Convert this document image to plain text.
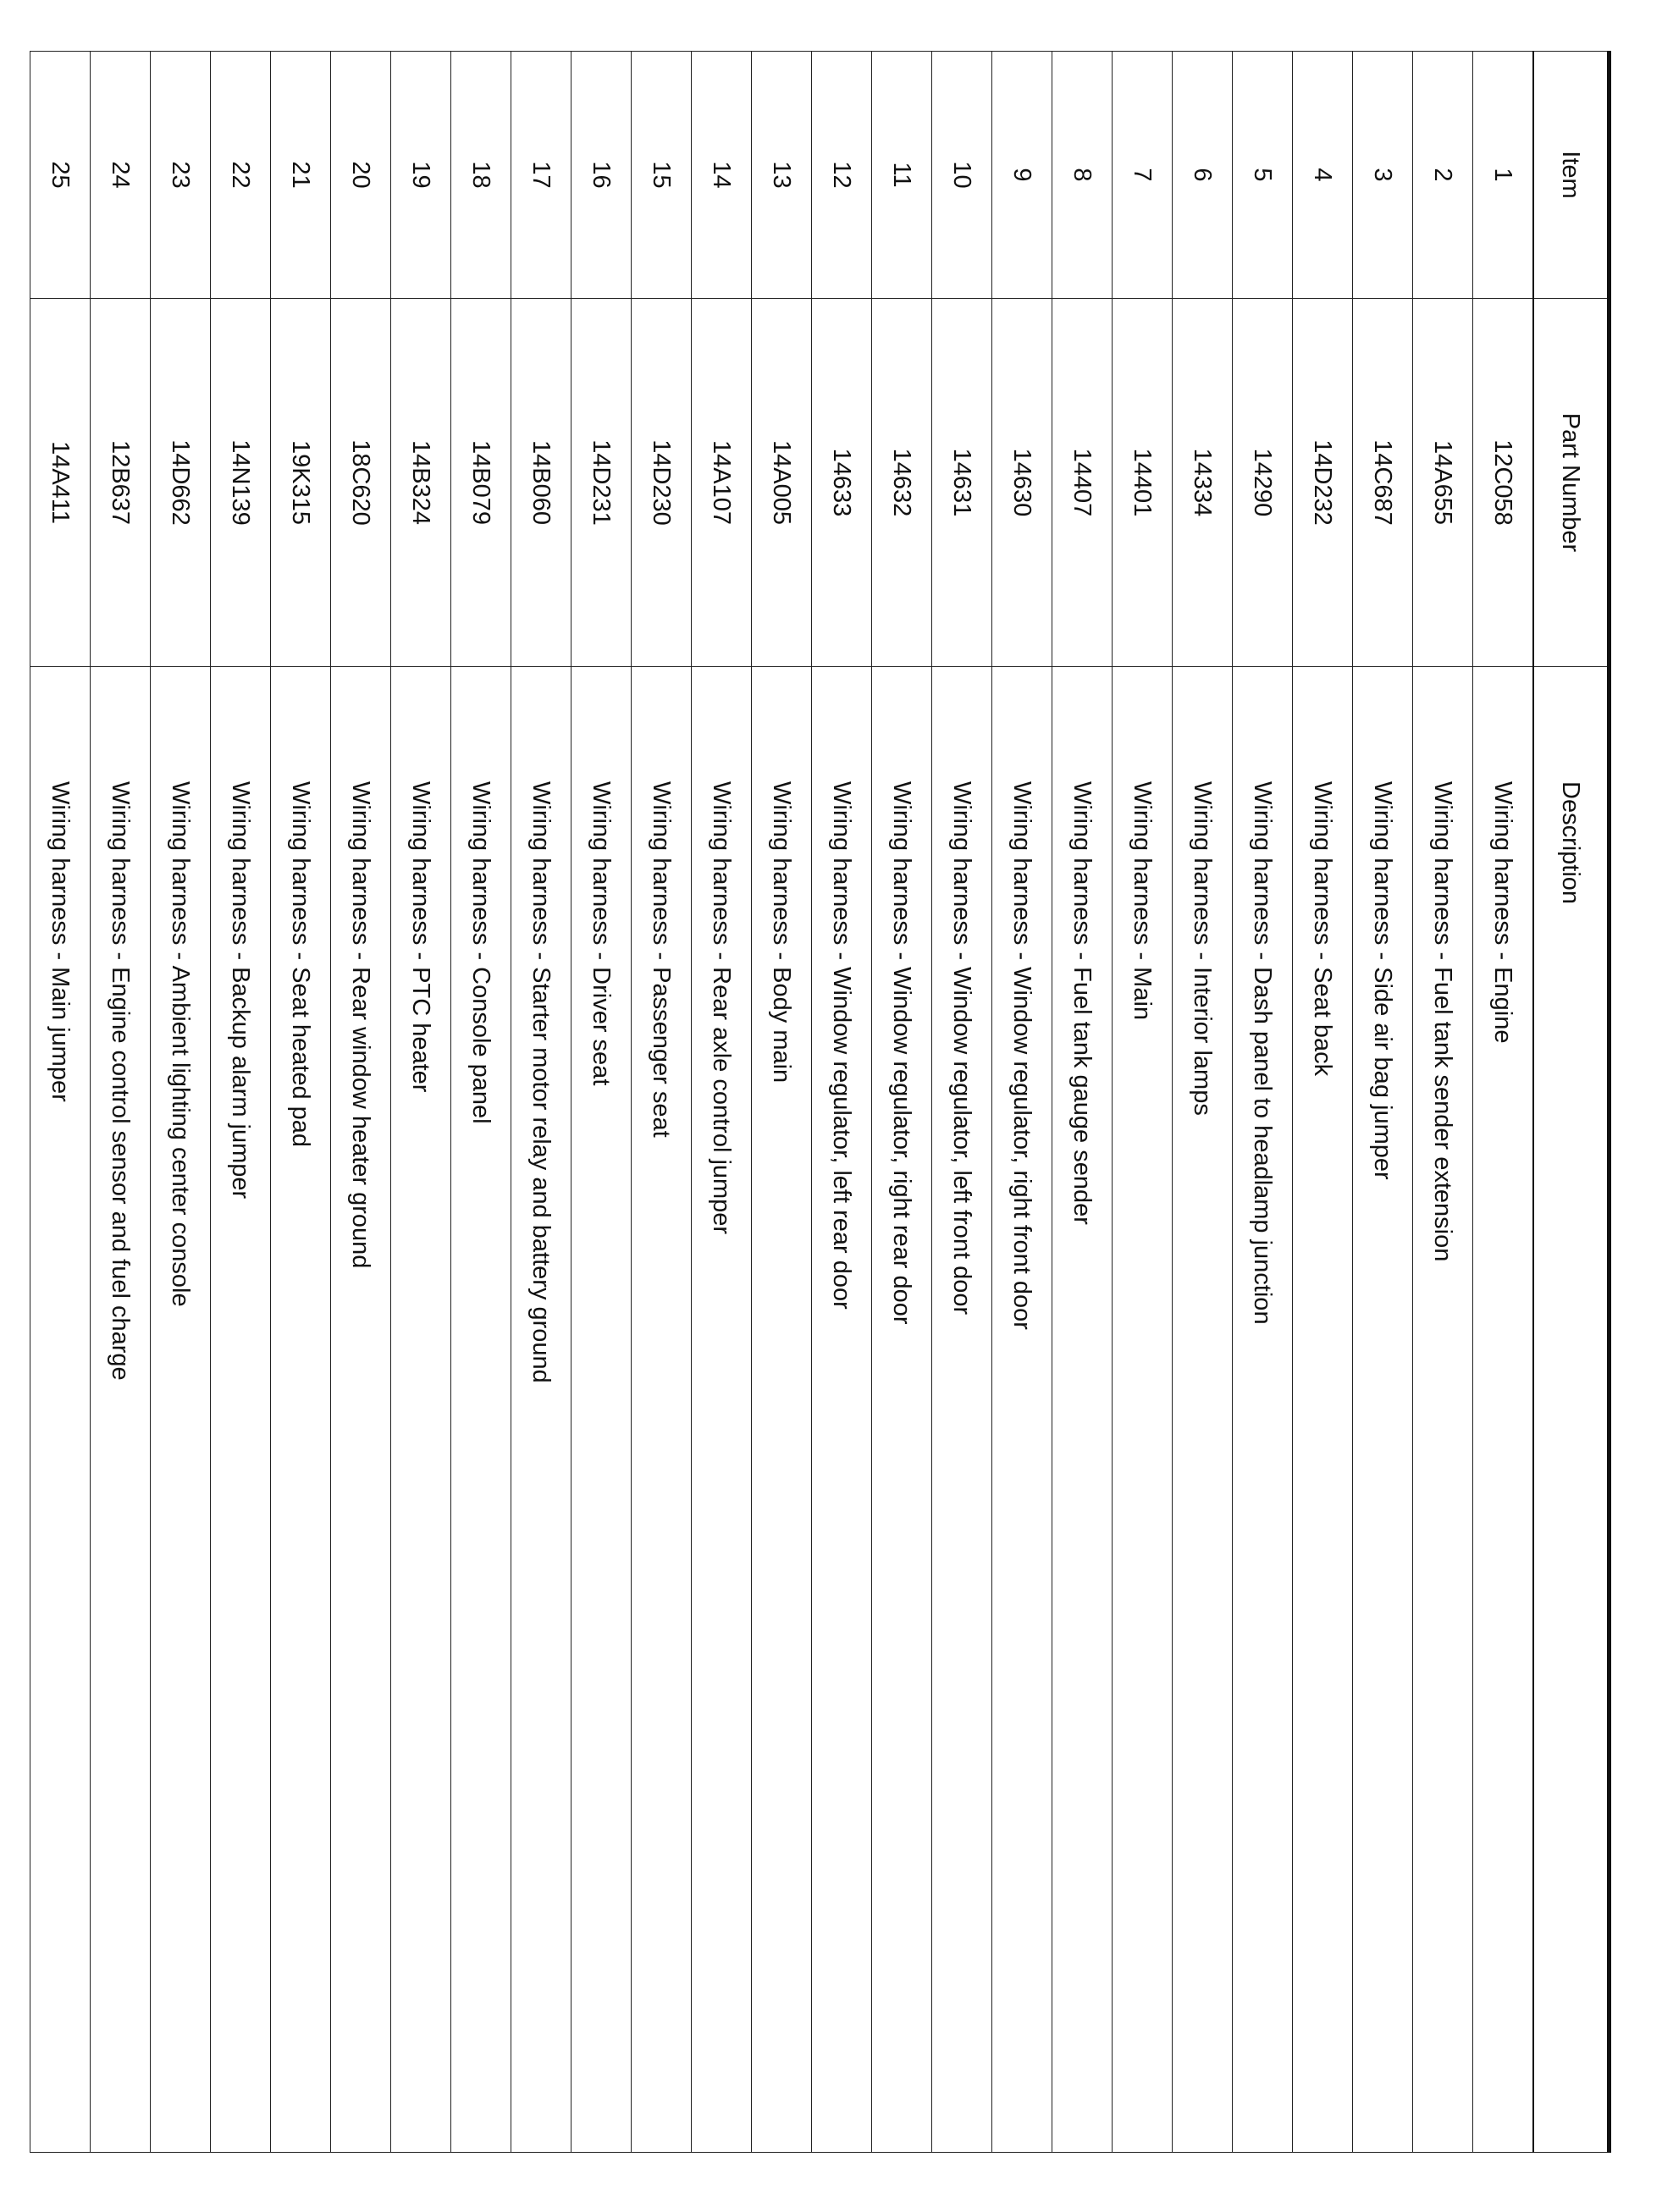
Item	Part Number	Description
1	12C058	Wiring harness - Engine
2	14A655	Wiring harness - Fuel tank sender extension
3	14C687	Wiring harness - Side air bag jumper
4	14D232	Wiring harness - Seat back
5	14290	Wiring harness - Dash panel to headlamp junction
6	14334	Wiring harness - Interior lamps
7	14401	Wiring harness - Main
8	14407	Wiring harness - Fuel tank gauge sender
9	14630	Wiring harness - Window regulator, right front door
10	14631	Wiring harness - Window regulator, left front door
11	14632	Wiring harness - Window regulator, right rear door
12	14633	Wiring harness - Window regulator, left rear door
13	14A005	Wiring harness - Body main
14	14A107	Wiring harness - Rear axle control jumper
15	14D230	Wiring harness - Passenger seat
16	14D231	Wiring harness - Driver seat
17	14B060	Wiring harness - Starter motor relay and battery ground
18	14B079	Wiring harness - Console panel
19	14B324	Wiring harness - PTC heater
20	18C620	Wiring harness - Rear window heater ground
21	19K315	Wiring harness - Seat heated pad
22	14N139	Wiring harness - Backup alarm jumper
23	14D662	Wiring harness - Ambient lighting center console
24	12B637	Wiring harness - Engine control sensor and fuel charge
25	14A411	Wiring harness - Main jumper
